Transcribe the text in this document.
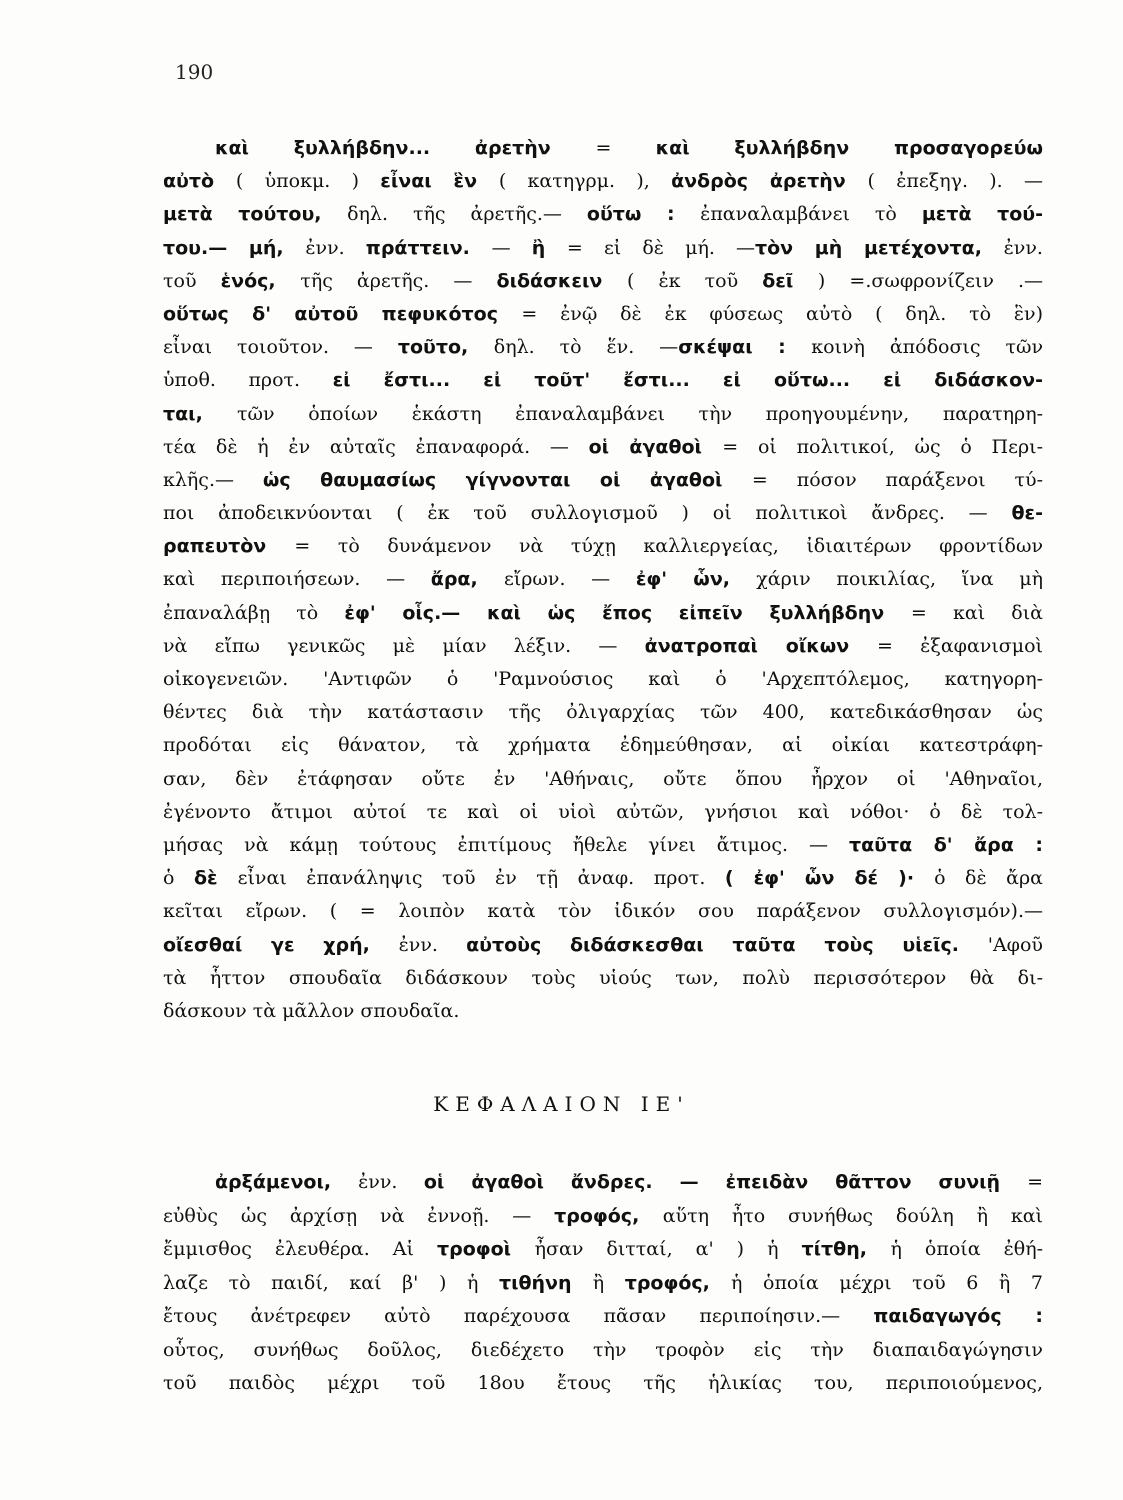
190
καὶ ξυλλήβδην... ἀρετὴν = καὶ ξυλλήβδην προσαγορεύω
αὐτὸ ( ὑποκμ. ) εἶναι ἓν ( κατηγρμ. ), ἀνδρὸς ἀρετὴν ( ἐπεξηγ. ). —
μετὰ τούτου, δηλ. τῆς ἀρετῆς.— οὕτω : ἐπαναλαμβάνει τὸ μετὰ τού-
του.— μή, ἐνν. πράττειν. — ἢ = εἰ δὲ μή. —τὸν μὴ μετέχοντα, ἐνν.
τοῦ ἑνός, τῆς ἀρετῆς. — διδάσκειν ( ἐκ τοῦ δεῖ ) =.σωφρονίζειν .—
οὕτως δ' αὐτοῦ πεφυκότος = ἐνῷ δὲ ἐκ φύσεως αὐτὸ ( δηλ. τὸ ἓν)
εἶναι τοιοῦτον. — τοῦτο, δηλ. τὸ ἕν. —σκέψαι : κοινὴ ἀπόδοσις τῶν
ὑποθ. προτ. εἰ ἔστι... εἰ τοῦτ' ἔστι... εἰ οὕτω... εἰ διδάσκον-
ται, τῶν ὁποίων ἑκάστη ἐπαναλαμβάνει τὴν προηγουμένην, παρατηρη-
τέα δὲ ἡ ἐν αὐταῖς ἐπαναφορά. — οἱ ἀγαθοὶ = οἱ πολιτικοί, ὡς ὁ Περι-
κλῆς.— ὡς θαυμασίως γίγνονται οἱ ἀγαθοὶ = πόσον παράξενοι τύ-
ποι ἀποδεικνύονται ( ἐκ τοῦ συλλογισμοῦ ) οἱ πολιτικοὶ ἄνδρες. — θε-
ραπευτὸν = τὸ δυνάμενον νὰ τύχῃ καλλιεργείας, ἰδιαιτέρων φροντίδων
καὶ περιποιήσεων. — ἄρα, εἴρων. — ἐφ' ὧν, χάριν ποικιλίας, ἵνα μὴ
ἐπαναλάβῃ τὸ ἐφ' οἷς.— καὶ ὡς ἔπος εἰπεῖν ξυλλήβδην = καὶ διὰ
νὰ εἴπω γενικῶς μὲ μίαν λέξιν. — ἀνατροπαὶ οἴκων = ἐξαφανισμοὶ
οἰκογενειῶν. 'Αντιφῶν ὁ 'Ραμνούσιος καὶ ὁ 'Αρχεπτόλεμος, κατηγορη-
θέντες διὰ τὴν κατάστασιν τῆς ὀλιγαρχίας τῶν 400, κατεδικάσθησαν ὡς
προδόται εἰς θάνατον, τὰ χρήματα ἐδημεύθησαν, αἱ οἰκίαι κατεστράφη-
σαν, δὲν ἐτάφησαν οὔτε ἐν 'Αθήναις, οὔτε ὅπου ἦρχον οἱ 'Αθηναῖοι,
ἐγένοντο ἄτιμοι αὐτοί τε καὶ οἱ υἱοὶ αὐτῶν, γνήσιοι καὶ νόθοι· ὁ δὲ τολ-
μήσας νὰ κάμῃ τούτους ἐπιτίμους ἤθελε γίνει ἄτιμος. — ταῦτα δ' ἄρα :
ὁ δὲ εἶναι ἐπανάληψις τοῦ ἐν τῇ ἀναφ. προτ. ( ἐφ' ὧν δέ )· ὁ δὲ ἄρα
κεῖται εἴρων. ( = λοιπὸν κατὰ τὸν ἰδικόν σου παράξενον συλλογισμόν).—
οἴεσθαί γε χρή, ἐνν. αὐτοὺς διδάσκεσθαι ταῦτα τοὺς υἱεῖς. 'Αφοῦ
τὰ ἧττον σπουδαῖα διδάσκουν τοὺς υἱούς των, πολὺ περισσότερον θὰ δι-
δάσκουν τὰ μᾶλλον σπουδαῖα.
ΚΕΦΑΛΑΙΟΝ ΙΕ'
ἀρξάμενοι, ἐνν. οἱ ἀγαθοὶ ἄνδρες. — ἐπειδὰν θᾶττον συνιῇ =
εὐθὺς ὡς ἀρχίσῃ νὰ ἐννοῇ. — τροφός, αὕτη ἦτο συνήθως δούλη ἢ καὶ
ἔμμισθος ἐλευθέρα. Αἱ τροφοὶ ἦσαν διτταί, α' ) ἡ τίτθη, ἡ ὁποία ἐθή-
λαζε τὸ παιδί, καί β' ) ἡ τιθήνη ἢ τροφός, ἡ ὁποία μέχρι τοῦ 6 ἢ 7
ἔτους ἀνέτρεφεν αὐτὸ παρέχουσα πᾶσαν περιποίησιν.— παιδαγωγός :
οὗτος, συνήθως δοῦλος, διεδέχετο τὴν τροφὸν εἰς τὴν διαπαιδαγώγησιν
τοῦ παιδὸς μέχρι τοῦ 18ου ἔτους τῆς ἡλικίας του, περιποιούμενος,
